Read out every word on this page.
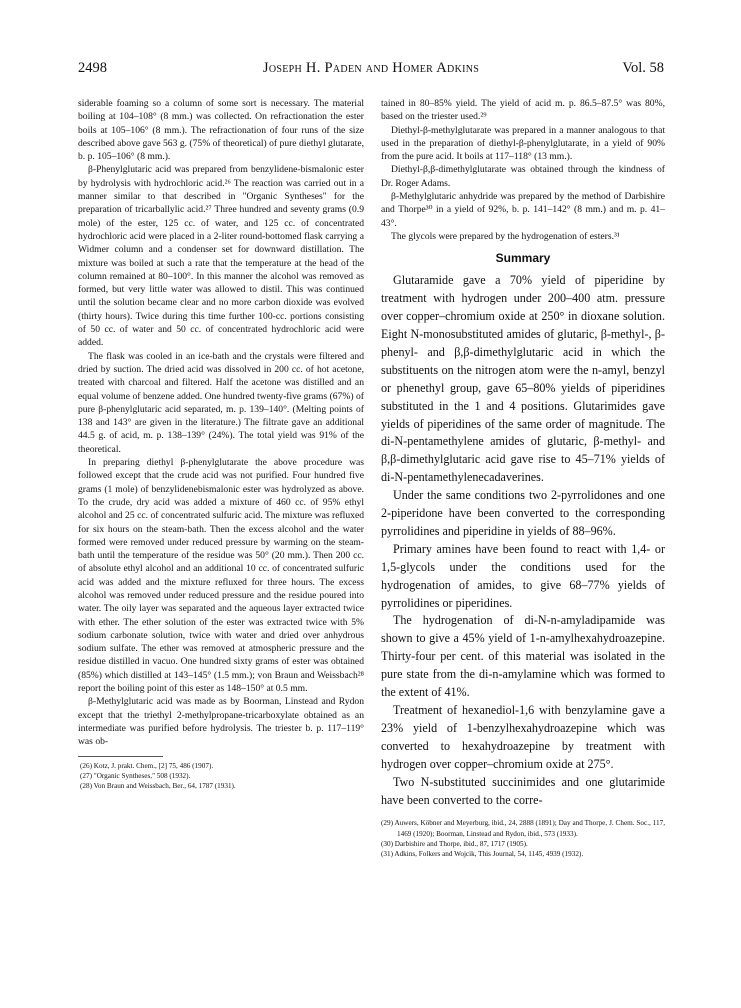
2498	Joseph H. Paden and Homer Adkins	Vol. 58

siderable foaming so a column of some sort is necessary. The material boiling at 104–108° (8 mm.) was collected. On refractionation the ester boils at 105–106° (8 mm.). The refractionation of four runs of the size described above gave 563 g. (75% of theoretical) of pure diethyl glutarate, b. p. 105–106° (8 mm.).

β-Phenylglutaric acid was prepared from benzylidene-bismalonic ester by hydrolysis with hydrochloric acid.²⁶ The reaction was carried out in a manner similar to that described in "Organic Syntheses" for the preparation of tricarballylic acid.²⁷ Three hundred and seventy grams (0.9 mole) of the ester, 125 cc. of water, and 125 cc. of concentrated hydrochloric acid were placed in a 2-liter round-bottomed flask carrying a Widmer column and a condenser set for downward distillation. The mixture was boiled at such a rate that the temperature at the head of the column remained at 80–100°. In this manner the alcohol was removed as formed, but very little water was allowed to distil. This was continued until the solution became clear and no more carbon dioxide was evolved (thirty hours). Twice during this time further 100-cc. portions consisting of 50 cc. of water and 50 cc. of concentrated hydrochloric acid were added.

The flask was cooled in an ice-bath and the crystals were filtered and dried by suction. The dried acid was dissolved in 200 cc. of hot acetone, treated with charcoal and filtered. Half the acetone was distilled and an equal volume of benzene added. One hundred twenty-five grams (67%) of pure β-phenylglutaric acid separated, m. p. 139–140°. (Melting points of 138 and 143° are given in the literature.) The filtrate gave an additional 44.5 g. of acid, m. p. 138–139° (24%). The total yield was 91% of the theoretical.

In preparing diethyl β-phenylglutarate the above procedure was followed except that the crude acid was not purified. Four hundred five grams (1 mole) of benzylidenebismalonic ester was hydrolyzed as above. To the crude, dry acid was added a mixture of 460 cc. of 95% ethyl alcohol and 25 cc. of concentrated sulfuric acid. The mixture was refluxed for six hours on the steam-bath. Then the excess alcohol and the water formed were removed under reduced pressure by warming on the steam-bath until the temperature of the residue was 50° (20 mm.). Then 200 cc. of absolute ethyl alcohol and an additional 10 cc. of concentrated sulfuric acid was added and the mixture refluxed for three hours. The excess alcohol was removed under reduced pressure and the residue poured into water. The oily layer was separated and the aqueous layer extracted twice with ether. The ether solution of the ester was extracted twice with 5% sodium carbonate solution, twice with water and dried over anhydrous sodium sulfate. The ether was removed at atmospheric pressure and the residue distilled in vacuo. One hundred sixty grams of ester was obtained (85%) which distilled at 143–145° (1.5 mm.); von Braun and Weissbach²⁸ report the boiling point of this ester as 148–150° at 0.5 mm.

β-Methylglutaric acid was made as by Boorman, Linstead and Rydon except that the triethyl 2-methylpropane-tricarboxylate obtained as an intermediate was purified before hydrolysis. The triester b. p. 117–119° was ob-

(26) Kotz, J. prakt. Chem., [2] 75, 486 (1907).

(27) "Organic Syntheses," 508 (1932).

(28) Von Braun and Weissbach, Ber., 64, 1787 (1931).

tained in 80–85% yield. The yield of acid m. p. 86.5–87.5° was 80%, based on the triester used.²⁹

Diethyl-β-methylglutarate was prepared in a manner analogous to that used in the preparation of diethyl-β-phenylglutarate, in a yield of 90% from the pure acid. It boils at 117–118° (13 mm.).

Diethyl-β,β-dimethylglutarate was obtained through the kindness of Dr. Roger Adams.

β-Methylglutaric anhydride was prepared by the method of Darbishire and Thorpe³⁰ in a yield of 92%, b. p. 141–142° (8 mm.) and m. p. 41–43°.

The glycols were prepared by the hydrogenation of esters.³¹

Summary

Glutaramide gave a 70% yield of piperidine by treatment with hydrogen under 200–400 atm. pressure over copper–chromium oxide at 250° in dioxane solution. Eight N-monosubstituted amides of glutaric, β-methyl-, β-phenyl- and β,β-dimethylglutaric acid in which the substituents on the nitrogen atom were the n-amyl, benzyl or phenethyl group, gave 65–80% yields of piperidines substituted in the 1 and 4 positions. Glutarimides gave yields of piperidines of the same order of magnitude. The di-N-pentamethylene amides of glutaric, β-methyl- and β,β-dimethylglutaric acid gave rise to 45–71% yields of di-N-pentamethylenecadaverines.

Under the same conditions two 2-pyrrolidones and one 2-piperidone have been converted to the corresponding pyrrolidines and piperidine in yields of 88–96%.

Primary amines have been found to react with 1,4- or 1,5-glycols under the conditions used for the hydrogenation of amides, to give 68–77% yields of pyrrolidines or piperidines.

The hydrogenation of di-N-n-amyladipamide was shown to give a 45% yield of 1-n-amylhexahydroazepine. Thirty-four per cent. of this material was isolated in the pure state from the di-n-amylamine which was formed to the extent of 41%.

Treatment of hexanediol-1,6 with benzylamine gave a 23% yield of 1-benzylhexahydroazepine which was converted to hexahydroazepine by treatment with hydrogen over copper–chromium oxide at 275°.

Two N-substituted succinimides and one glutarimide have been converted to the corre-

(29) Auwers, Köbner and Meyerburg, ibid., 24, 2888 (1891); Day and Thorpe, J. Chem. Soc., 117, 1469 (1920); Boorman, Linstead and Rydon, ibid., 573 (1933).

(30) Darbishire and Thorpe, ibid., 87, 1717 (1905).

(31) Adkins, Folkers and Wojcik, This Journal, 54, 1145, 4939 (1932).
